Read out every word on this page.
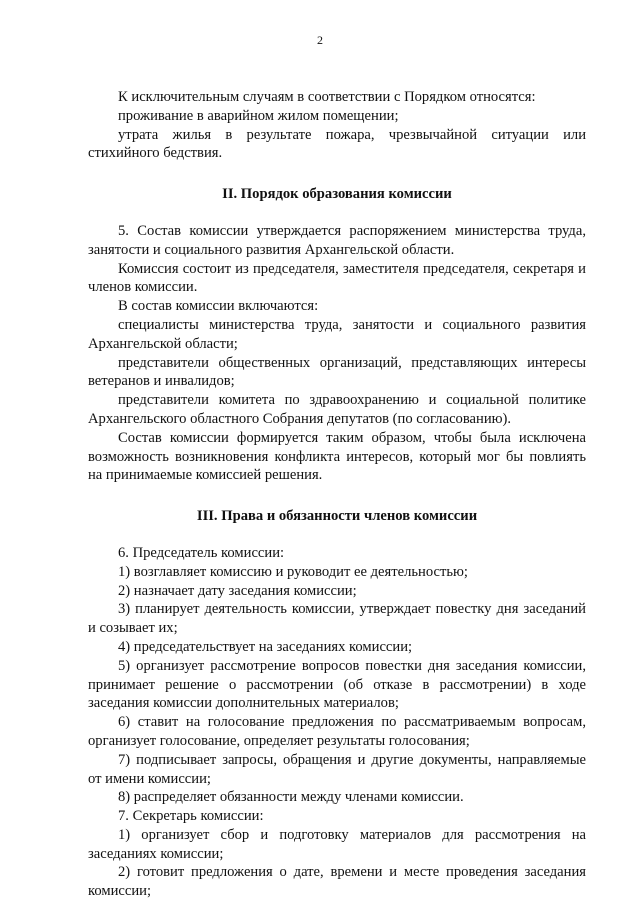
2

К исключительным случаям в соответствии с Порядком относятся:

проживание в аварийном жилом помещении;

утрата жилья в результате пожара, чрезвычайной ситуации или

стихийного бедствия.

II. Порядок образования комиссии

5. Состав комиссии утверждается распоряжением министерства труда, занятости и социального развития Архангельской области.

Комиссия состоит из председателя, заместителя председателя, секретаря и членов комиссии.

В состав комиссии включаются:

специалисты министерства труда, занятости и социального развития Архангельской области;

представители общественных организаций, представляющих интересы ветеранов и инвалидов;

представители комитета по здравоохранению и социальной политике Архангельского областного Собрания депутатов (по согласованию).

Состав комиссии формируется таким образом, чтобы была исключена возможность возникновения конфликта интересов, который мог бы повлиять на принимаемые комиссией решения.

III. Права и обязанности членов комиссии

6. Председатель комиссии:

1) возглавляет комиссию и руководит ее деятельностью;

2) назначает дату заседания комиссии;

3) планирует деятельность комиссии, утверждает повестку дня заседаний и созывает их;

4) председательствует на заседаниях комиссии;

5) организует рассмотрение вопросов повестки дня заседания комиссии, принимает решение о рассмотрении (об отказе в рассмотрении) в ходе заседания комиссии дополнительных материалов;

6) ставит на голосование предложения по рассматриваемым вопросам, организует голосование, определяет результаты голосования;

7) подписывает запросы, обращения и другие документы, направляемые от имени комиссии;

8) распределяет обязанности между членами комиссии.

7. Секретарь комиссии:

1) организует сбор и подготовку материалов для рассмотрения на заседаниях комиссии;

2) готовит предложения о дате, времени и месте проведения заседания комиссии;
